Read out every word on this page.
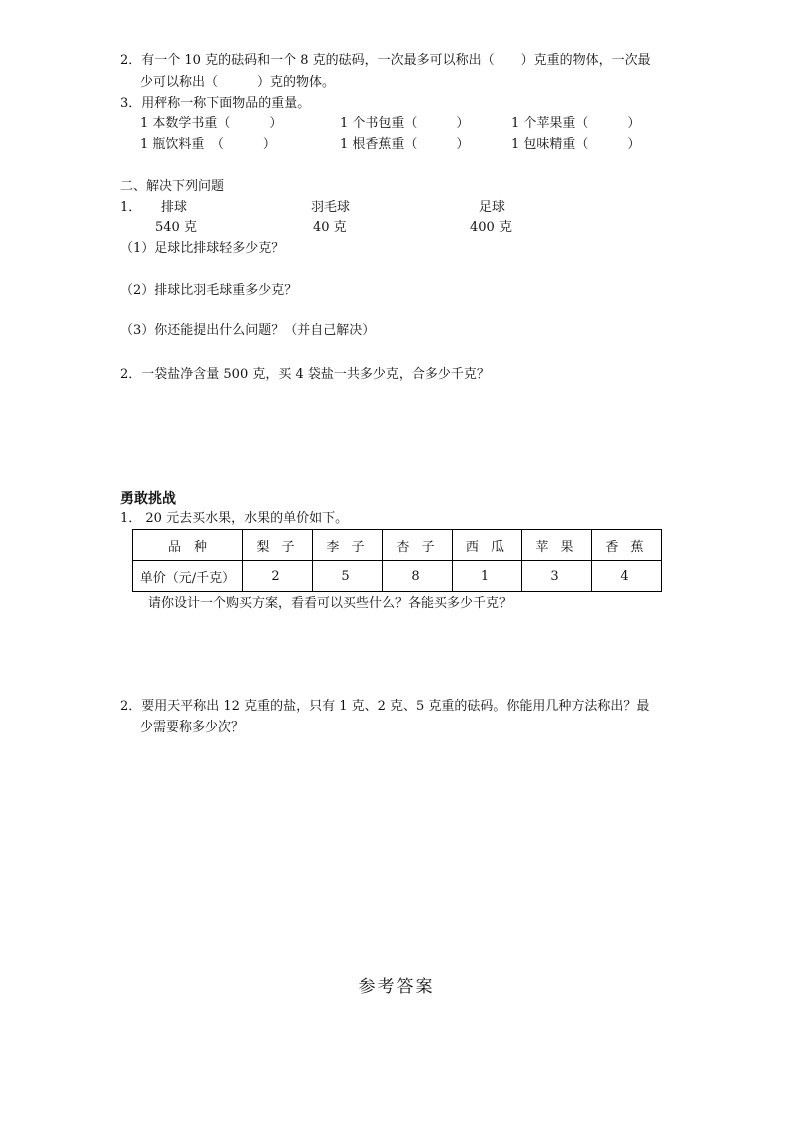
2．有一个 10 克的砝码和一个 8 克的砝码，一次最多可以称出（　　）克重的物体，一次最
少可以称出（　　　）克的物体。
3．用秤称一称下面物品的重量。
1 本数学书重（　　　）	1 个书包重（　　　）	1 个苹果重（　　　）
1 瓶饮料重　（　　　）	1 根香蕉重（　　　）	1 包味精重（　　　）
二、解决下列问题
1． 排球	羽毛球	足球
540 克	40 克	400 克
（1）足球比排球轻多少克？
（2）排球比羽毛球重多少克？
（3）你还能提出什么问题？（并自己解决）
2．一袋盐净含量 500 克，买 4 袋盐一共多少克，合多少千克？
勇敢挑战
1． 20 元去买水果，水果的单价如下。
品　种	梨 子	李 子	杏 子	西 瓜	苹 果	香 蕉
单价（元/千克）	2	5	8	1	3	4
请你设计一个购买方案，看看可以买些什么？各能买多少千克？
2．要用天平称出 12 克重的盐，只有 1 克、2 克、5 克重的砝码。你能用几种方法称出？最
少需要称多少次？
参考答案
